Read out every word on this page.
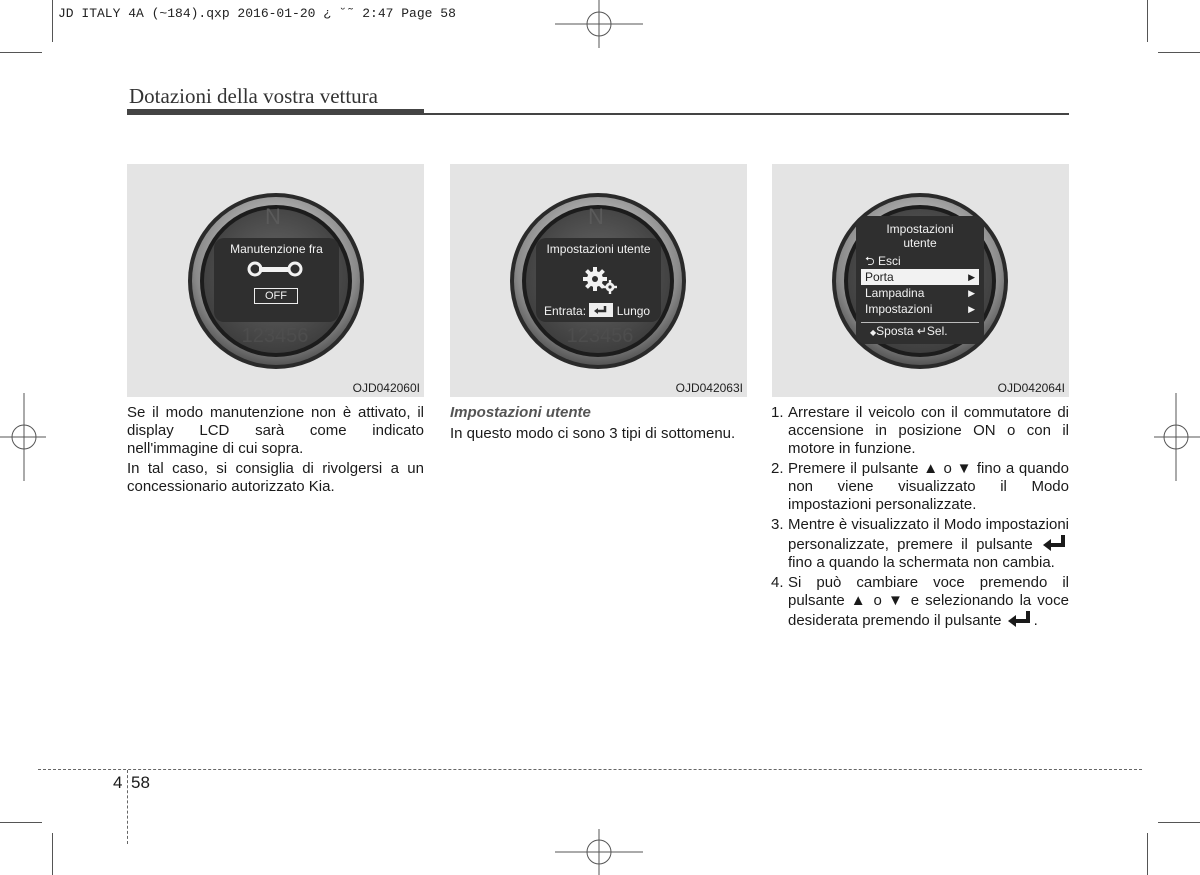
JD ITALY 4A (~184).qxp 2016-01-20 ¿ ˘˜ 2:47 Page 58
Dotazioni della vostra vettura
N
123456
Manutenzione fra
OFF
OJD042060I
N
123456
Impostazioni utente
Entrata:	Lungo
OJD042063I
Impostazioni
utente
⮌ Esci
Porta	▶
Lampadina	▶
Impostazioni	▶
◆Sposta ↵Sel.
OJD042064I

Se il modo manutenzione non è attivato, il display LCD sarà come indicato nell'immagine di cui sopra.

In tal caso, si consiglia di rivolgersi a un concessionario autorizzato Kia.

Impostazioni utente

In questo modo ci sono 3 tipi di sottomenu.

1. Arrestare il veicolo con il commutatore di accensione in posizione ON o con il motore in funzione.
2. Premere il pulsante ▲ o ▼ fino a quando non viene visualizzato il Modo impostazioni personalizzate.
3. Mentre è visualizzato il Modo impostazioni personalizzate, premere il pulsante  fino a quando la schermata non cambia.
4. Si può cambiare voce premendo il pulsante ▲ o ▼ e selezionando la voce desiderata premendo il pulsante .
4 58
